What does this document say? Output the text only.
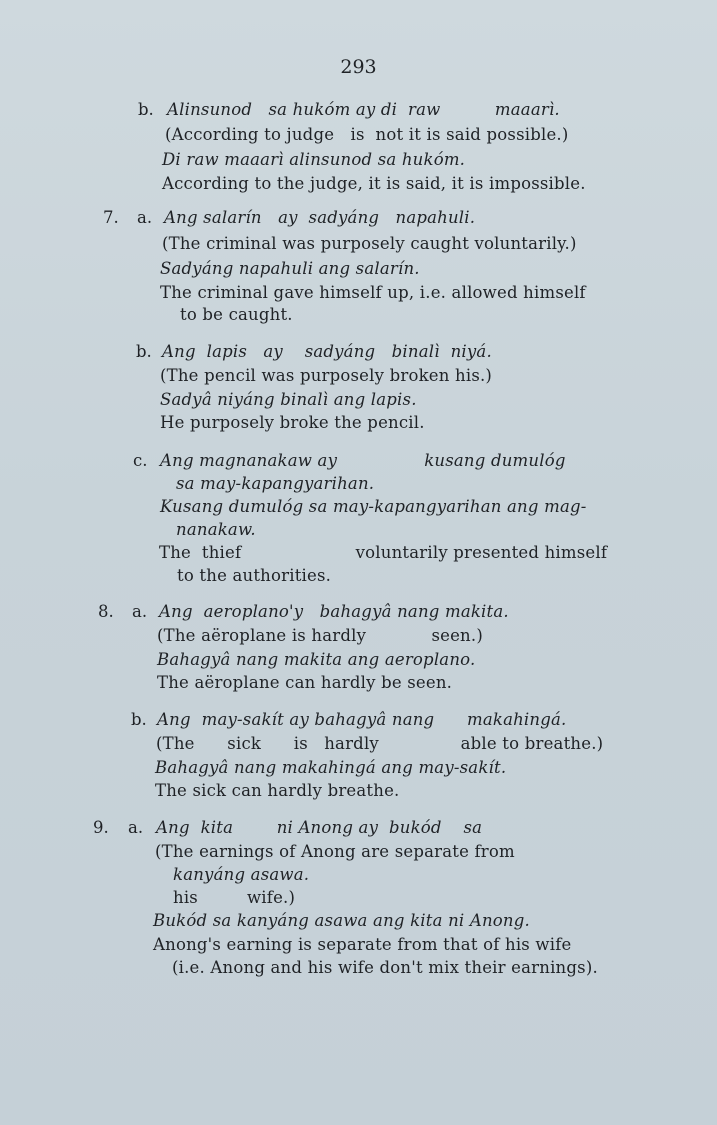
293
b. Alinsunod   sa hukóm ay di  raw          maaarì.
(According to judge   is  not it is said possible.)
Di raw maaarì alinsunod sa hukóm.
According to the judge, it is said, it is impossible.
7. a. Ang salarín   ay  sadyáng   napahuli.
(The criminal was purposely caught voluntarily.)
Sadyáng napahuli ang salarín.
The criminal gave himself up, i.e. allowed himself
to be caught.
b. Ang  lapis   ay    sadyáng   binalì  niyá.
(The pencil was purposely broken his.)
Sadyâ niyáng binalì ang lapis.
He purposely broke the pencil.
c. Ang magnanakaw ay                kusang dumulóg
sa may-kapangyarihan.
Kusang dumulóg sa may-kapangyarihan ang mag-
nanakaw.
The  thief                     voluntarily presented himself
to the authorities.
8. a. Ang  aeroplano'y   bahagyâ nang makita.
(The aëroplane is hardly            seen.)
Bahagyâ nang makita ang aeroplano.
The aëroplane can hardly be seen.
b. Ang  may-sakít ay bahagyâ nang      makahingá.
(The      sick      is   hardly               able to breathe.)
Bahagyâ nang makahingá ang may-sakít.
The sick can hardly breathe.
9. a. Ang  kita        ni Anong ay  bukód    sa
(The earnings of Anong are separate from
kanyáng asawa.
his         wife.)
Bukód sa kanyáng asawa ang kita ni Anong.
Anong's earning is separate from that of his wife
(i.e. Anong and his wife don't mix their earnings).
